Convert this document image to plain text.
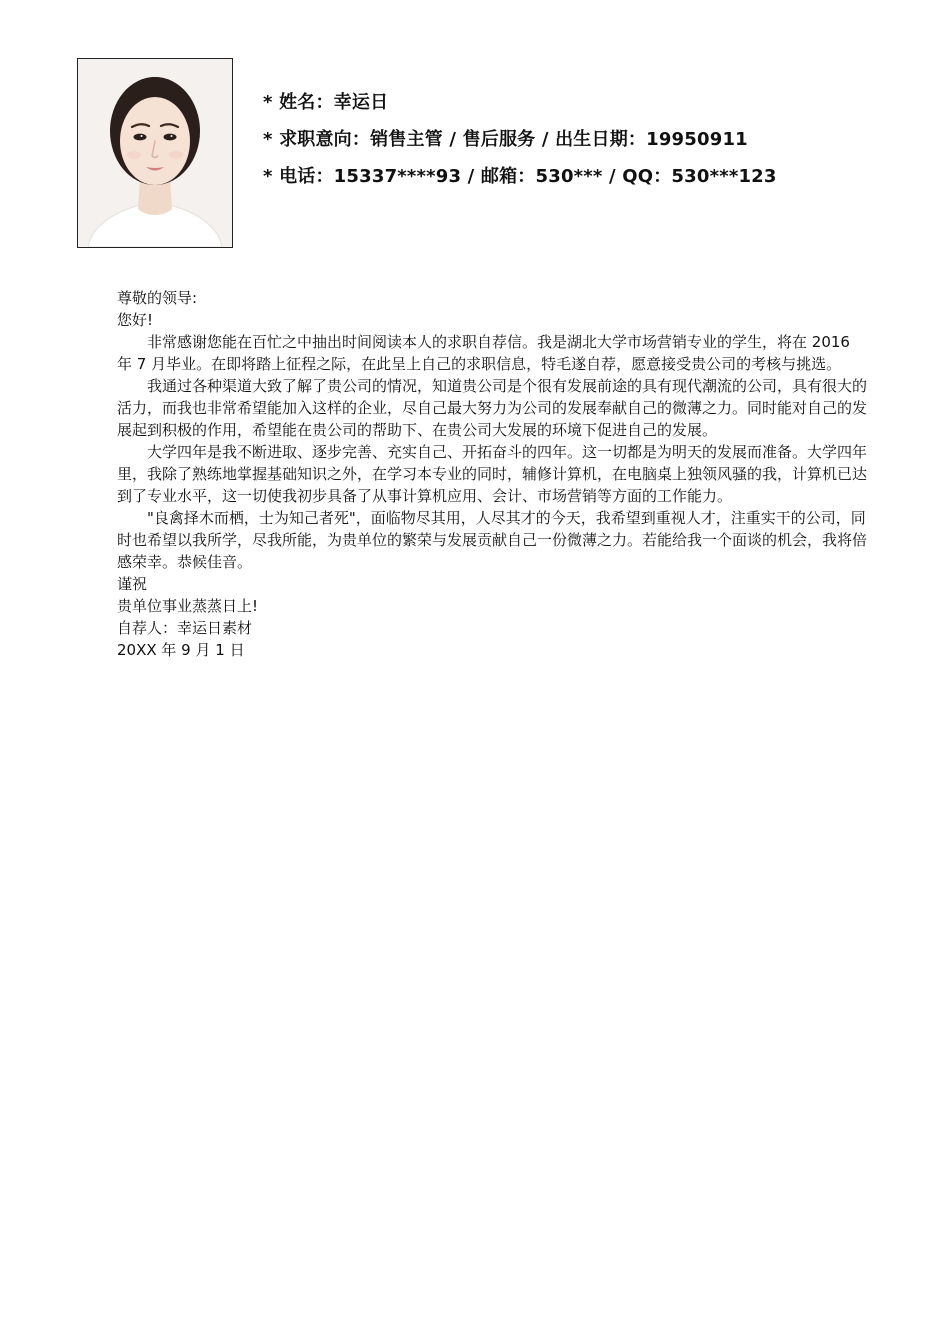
* 姓名：幸运日
* 求职意向：销售主管 / 售后服务 / 出生日期：19950911
* 电话：15337****93 / 邮箱：530*** / QQ：530***123

尊敬的领导:

您好!

非常感谢您能在百忙之中抽出时间阅读本人的求职自荐信。我是湖北大学市场营销专业的学生，将在 2016 年 7 月毕业。在即将踏上征程之际，在此呈上自己的求职信息，特毛遂自荐，愿意接受贵公司的考核与挑选。

我通过各种渠道大致了解了贵公司的情况，知道贵公司是个很有发展前途的具有现代潮流的公司，具有很大的活力，而我也非常希望能加入这样的企业，尽自己最大努力为公司的发展奉献自己的微薄之力。同时能对自己的发展起到积极的作用，希望能在贵公司的帮助下、在贵公司大发展的环境下促进自己的发展。

大学四年是我不断进取、逐步完善、充实自己、开拓奋斗的四年。这一切都是为明天的发展而准备。大学四年里，我除了熟练地掌握基础知识之外，在学习本专业的同时，辅修计算机，在电脑桌上独领风骚的我，计算机已达到了专业水平，这一切使我初步具备了从事计算机应用、会计、市场营销等方面的工作能力。

"良禽择木而栖，士为知己者死"，面临物尽其用，人尽其才的今天，我希望到重视人才，注重实干的公司，同时也希望以我所学，尽我所能，为贵单位的繁荣与发展贡献自己一份微薄之力。若能给我一个面谈的机会，我将倍感荣幸。恭候佳音。

谨祝

贵单位事业蒸蒸日上!

自荐人：幸运日素材

20XX 年 9 月 1 日
